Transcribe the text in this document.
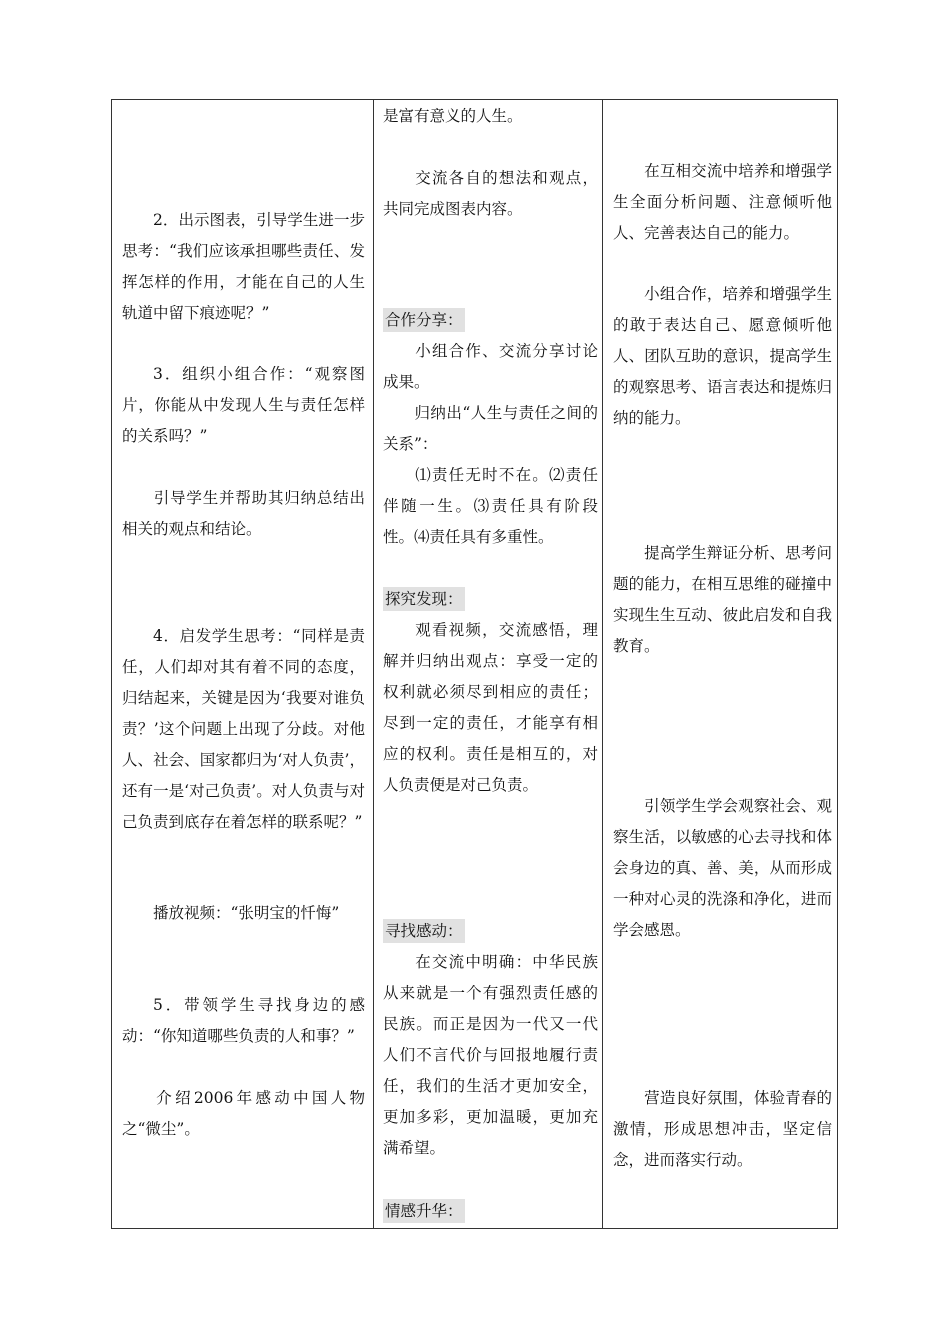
2．出示图表，引导学生进一步思考：“我们应该承担哪些责任、发挥怎样的作用，才能在自己的人生轨道中留下痕迹呢？”

3．组织小组合作：“观察图片，你能从中发现人生与责任怎样的关系吗？”

引导学生并帮助其归纳总结出相关的观点和结论。

4．启发学生思考：“同样是责任，人们却对其有着不同的态度，归结起来，关键是因为‘我要对谁负责？’这个问题上出现了分歧。对他人、社会、国家都归为‘对人负责’，还有一是‘对己负责’。对人负责与对己负责到底存在着怎样的联系呢？”

播放视频：“张明宝的忏悔”

5．带领学生寻找身边的感动：“你知道哪些负责的人和事？”

介绍2006年感动中国人物之“微尘”。

是富有意义的人生。

交流各自的想法和观点，共同完成图表内容。

合作分享：

小组合作、交流分享讨论成果。

归纳出“人生与责任之间的关系”：

⑴责任无时不在。⑵责任伴随一生。⑶责任具有阶段性。⑷责任具有多重性。

探究发现：

观看视频，交流感悟，理解并归纳出观点：享受一定的权利就必须尽到相应的责任；尽到一定的责任，才能享有相应的权利。责任是相互的，对人负责便是对己负责。

寻找感动：

在交流中明确：中华民族从来就是一个有强烈责任感的民族。而正是因为一代又一代人们不言代价与回报地履行责任，我们的生活才更加安全，更加多彩，更加温暖，更加充满希望。

情感升华：

在互相交流中培养和增强学生全面分析问题、注意倾听他人、完善表达自己的能力。

小组合作，培养和增强学生的敢于表达自己、愿意倾听他人、团队互助的意识，提高学生的观察思考、语言表达和提炼归纳的能力。

提高学生辩证分析、思考问题的能力，在相互思维的碰撞中实现生生互动、彼此启发和自我教育。

引领学生学会观察社会、观察生活，以敏感的心去寻找和体会身边的真、善、美，从而形成一种对心灵的洗涤和净化，进而学会感恩。

营造良好氛围，体验青春的激情，形成思想冲击，坚定信念，进而落实行动。
